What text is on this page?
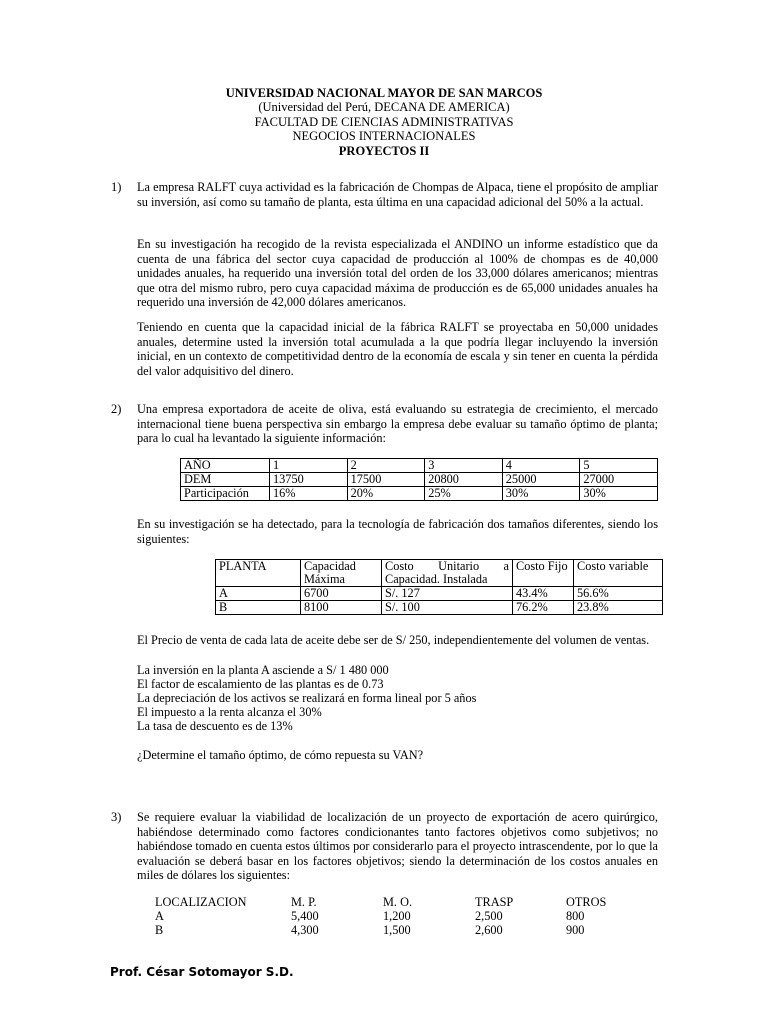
UNIVERSIDAD NACIONAL MAYOR DE SAN MARCOS
(Universidad del Perú, DECANA DE AMERICA)
FACULTAD DE CIENCIAS ADMINISTRATIVAS
NEGOCIOS INTERNACIONALES
PROYECTOS II
1) La empresa RALFT cuya actividad es la fabricación de Chompas de Alpaca, tiene el propósito de ampliar su inversión, así como su tamaño de planta, esta última en una capacidad adicional del 50% a la actual.
En su investigación ha recogido de la revista especializada el ANDINO un informe estadístico que da cuenta de una fábrica del sector cuya capacidad de producción al 100% de chompas es de 40,000 unidades anuales, ha requerido una inversión total del orden de los 33,000 dólares americanos; mientras que otra del mismo rubro, pero cuya capacidad máxima de producción es de 65,000 unidades anuales ha requerido una inversión de 42,000 dólares americanos.
Teniendo en cuenta que la capacidad inicial de la fábrica RALFT se proyectaba en 50,000 unidades anuales, determine usted la inversión total acumulada a la que podría llegar incluyendo la inversión inicial, en un contexto de competitividad dentro de la economía de escala y sin tener en cuenta la pérdida del valor adquisitivo del dinero.
2) Una empresa exportadora de aceite de oliva, está evaluando su estrategia de crecimiento, el mercado internacional tiene buena perspectiva sin embargo la empresa debe evaluar su tamaño óptimo de planta; para lo cual ha levantado la siguiente información:
AÑO	1	2	3	4	5
DEM	13750	17500	20800	25000	27000
Participación	16%	20%	25%	30%	30%
En su investigación se ha detectado, para la tecnología de fabricación dos tamaños diferentes, siendo los siguientes:
PLANTA	Capacidad Máxima	Costo Unitario a Capacidad. Instalada	Costo Fijo	Costo variable
A	6700	S/. 127	43.4%	56.6%
B	8100	S/. 100	76.2%	23.8%
El Precio de venta de cada lata de aceite debe ser de S/ 250, independientemente del volumen de ventas.
La inversión en la planta A asciende a S/ 1 480 000
El factor de escalamiento de las plantas es de 0.73
La depreciación de los activos se realizará en forma lineal por 5 años
El impuesto a la renta alcanza el 30%
La tasa de descuento es de 13%
¿Determine el tamaño óptimo, de cómo repuesta su VAN?
3) Se requiere evaluar la viabilidad de localización de un proyecto de exportación de acero quirúrgico, habiéndose determinado como factores condicionantes tanto factores objetivos como subjetivos; no habiéndose tomado en cuenta estos últimos por considerarlo para el proyecto intrascendente, por lo que la evaluación se deberá basar en los factores objetivos; siendo la determinación de los costos anuales en miles de dólares los siguientes:
LOCALIZACION	M. P.	M. O.	TRASP	OTROS
A	5,400	1,200	2,500	800
B	4,300	1,500	2,600	900
Prof. César Sotomayor S.D.
